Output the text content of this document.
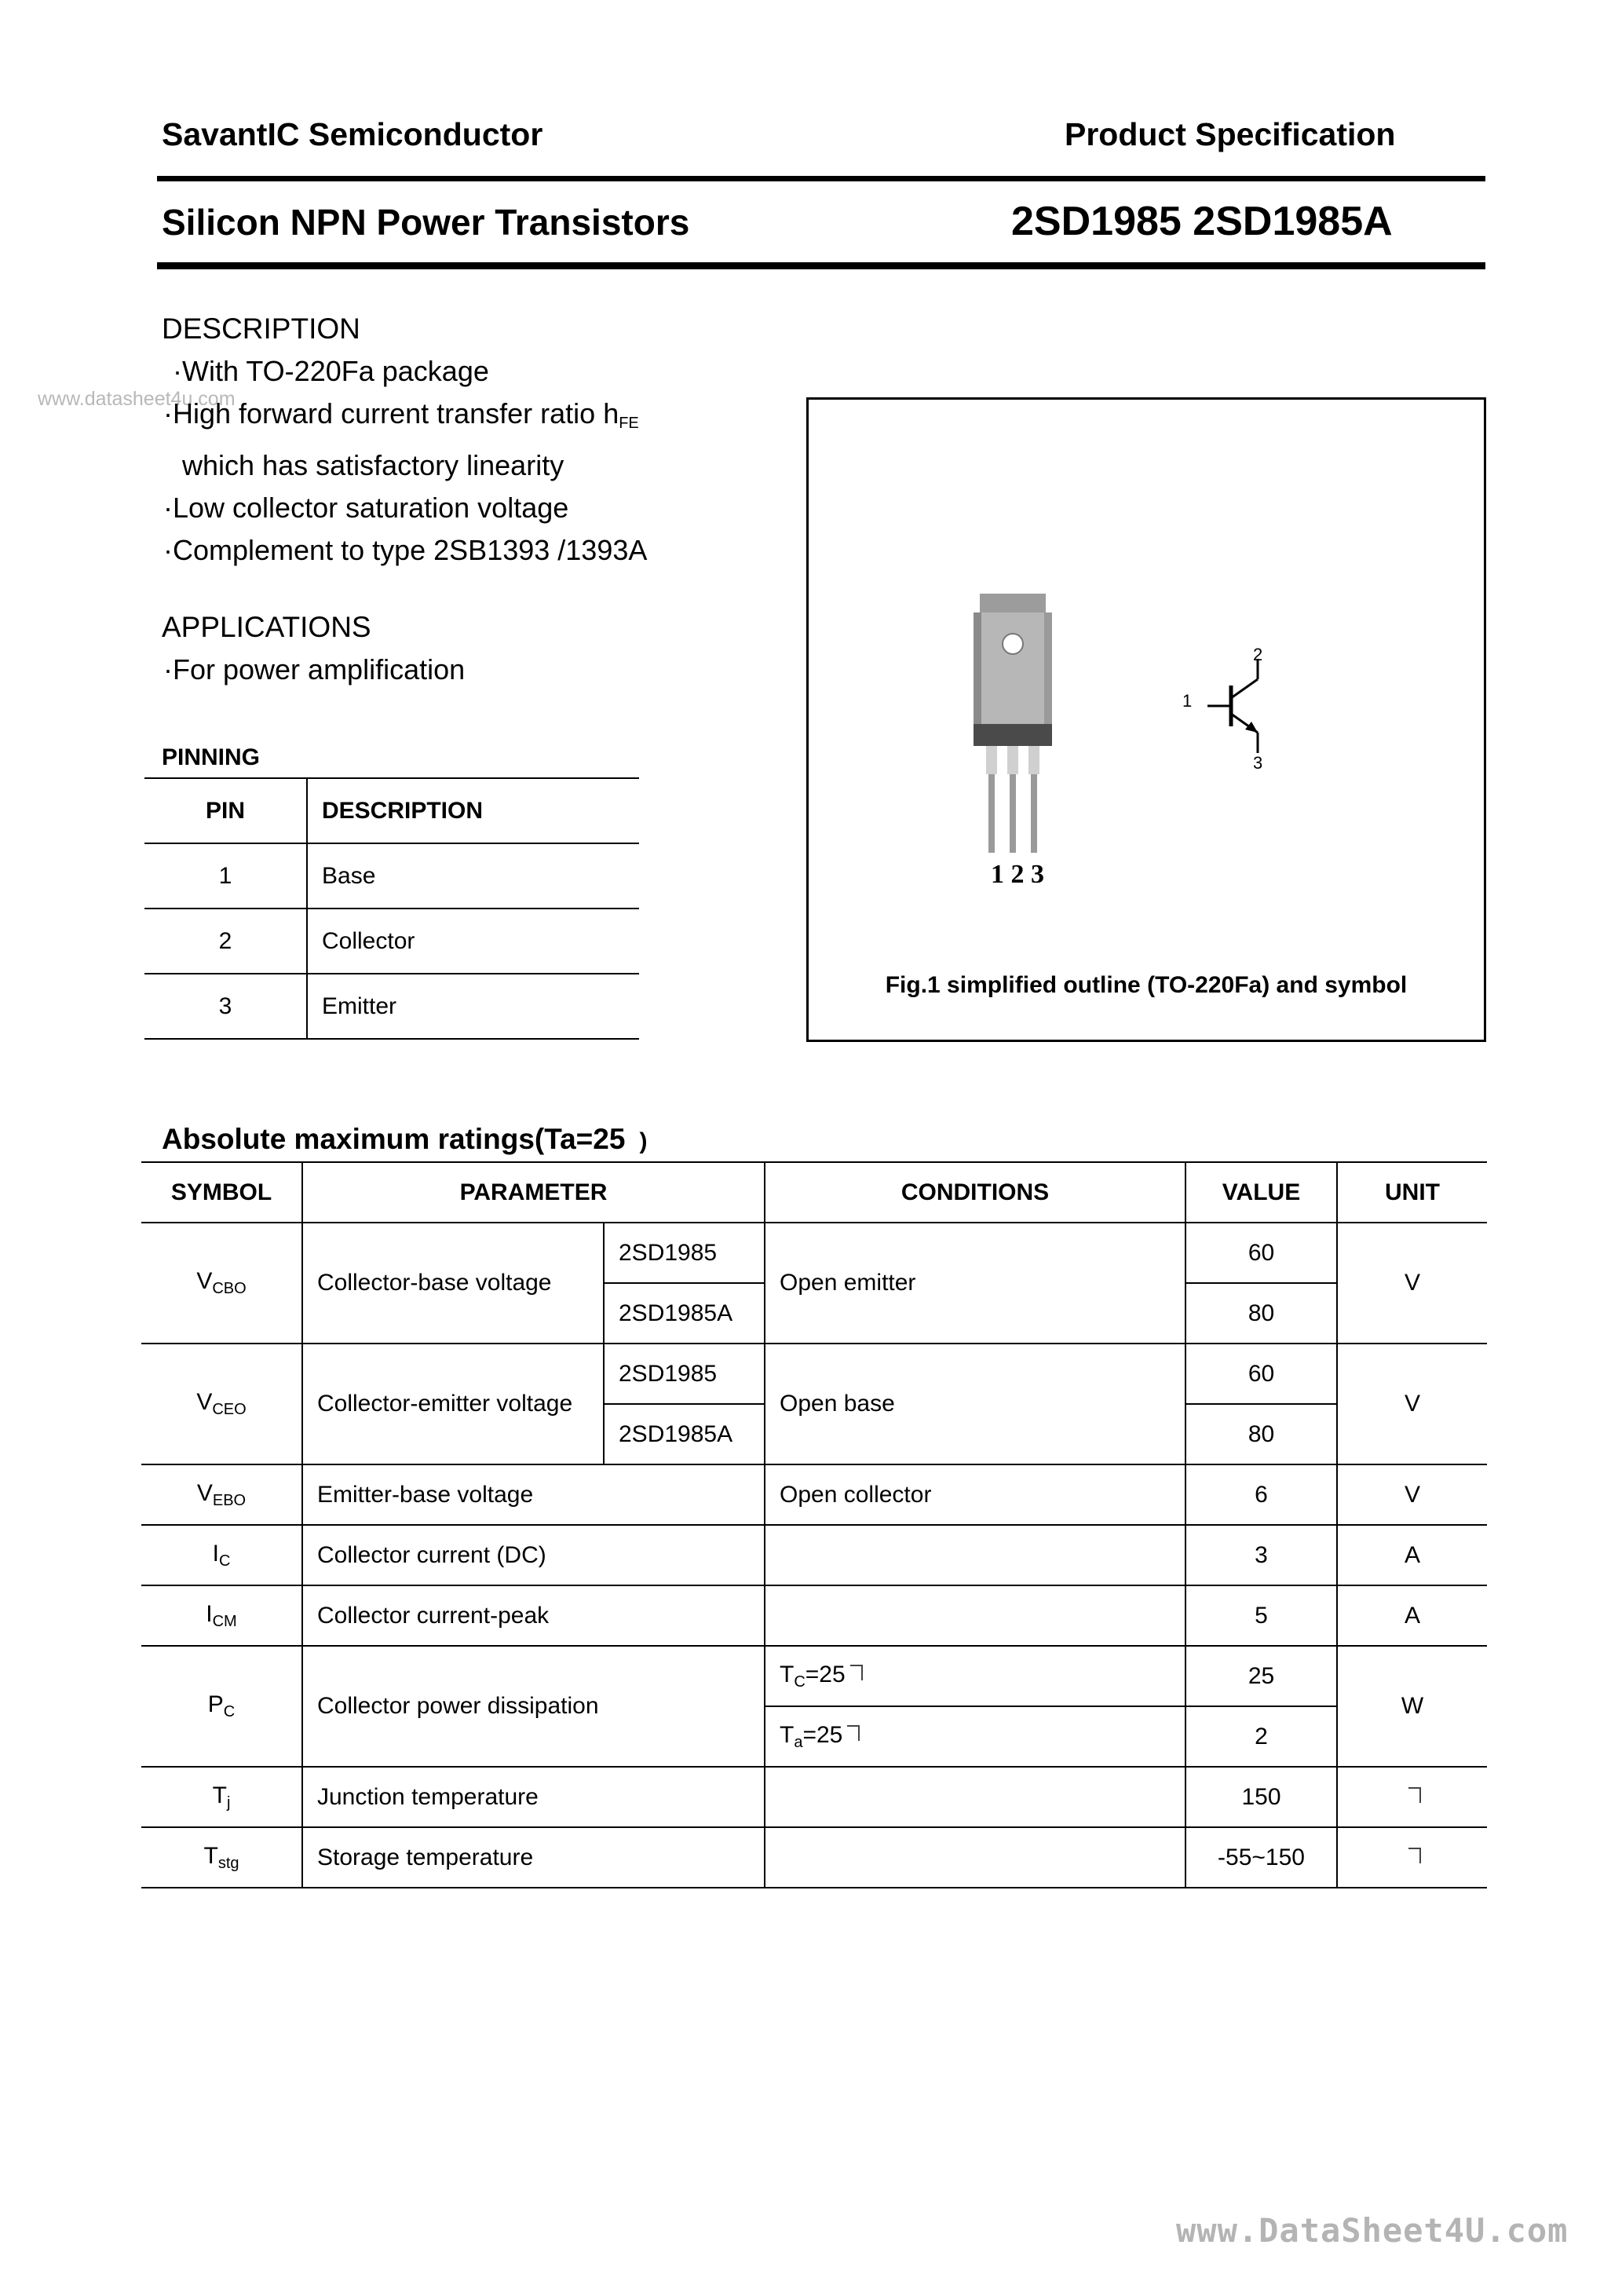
SavantIC Semiconductor	Product Specification
Silicon NPN Power Transistors	2SD1985 2SD1985A
www.datasheet4u.com
DESCRIPTION
·With TO-220Fa package
·High forward current transfer ratio $h_{FE}$
which has satisfactory linearity
·Low collector saturation voltage
·Complement to type 2SB1393 /1393A
APPLICATIONS
·For power amplification
PINNING
PIN	DESCRIPTION
1	Base
2	Collector
3	Emitter
1 2 3
1
2
3
Fig.1 simplified outline (TO-220Fa) and symbol
Absolute maximum ratings(Ta=25 )
SYMBOL	PARAMETER		CONDITIONS	VALUE	UNIT
$V_{CBO}$	Collector-base voltage	2SD1985	Open emitter	60	V
		2SD1985A		80	
$V_{CEO}$	Collector-emitter voltage	2SD1985	Open base	60	V
		2SD1985A		80	
$V_{EBO}$	Emitter-base voltage		Open collector	6	V
$I_C$	Collector current (DC)			3	A
$I_{CM}$	Collector current-peak			5	A
$P_C$	Collector power dissipation		$T_C=25$	25	W
			$T_a=25$	2	
$T_j$	Junction temperature			150	
$T_{stg}$	Storage temperature			-55~150	
www.DataSheet4U.com
